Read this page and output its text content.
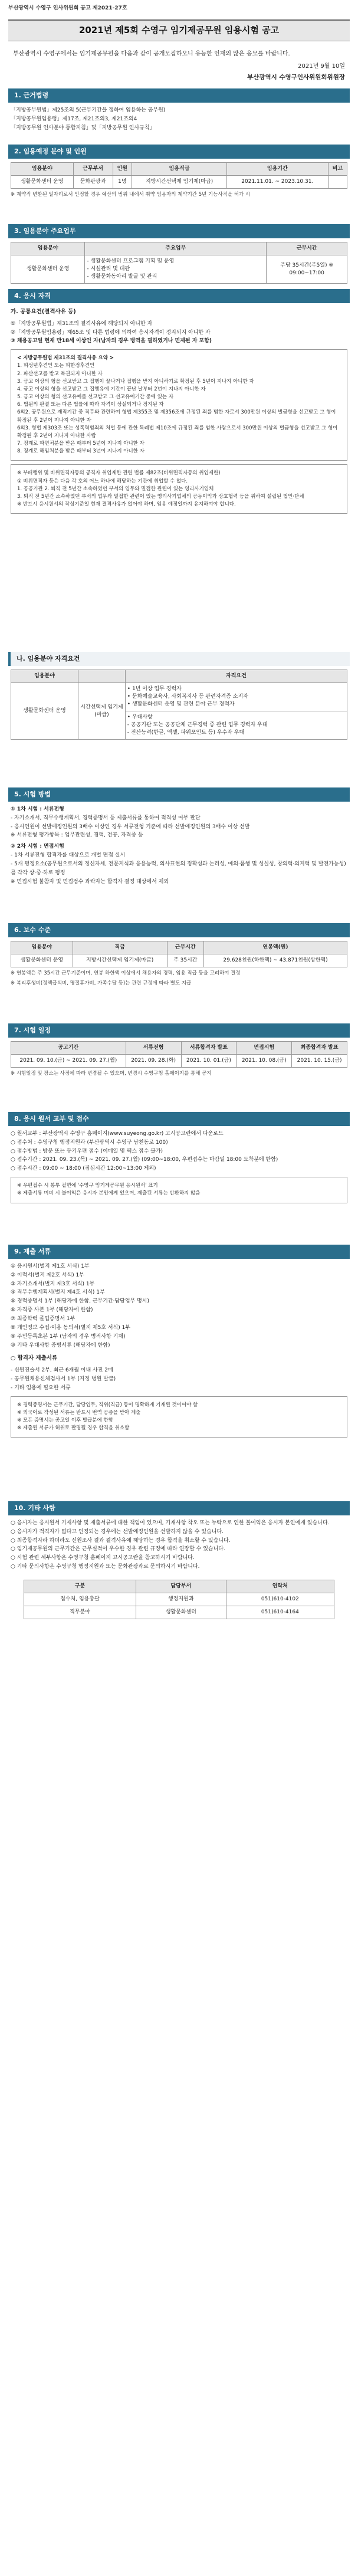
부산광역시 수영구 인사위원회 공고 제2021-27호
2021년 제5회 수영구 임기제공무원 임용시험 공고
부산광역시 수영구에서는 임기제공무원을 다음과 같이 공개모집하오니 유능한 인재의 많은 응모를 바랍니다.
2021년 9월 10일
부산광역시 수영구인사위원회위원장
1. 근거법령
「지방공무원법」제25조의 5(근무기간을 정하여 임용하는 공무원)
「지방공무원임용령」제17조, 제21조의3, 제21조의4
「지방공무원 인사분야 통합지침」및「지방공무원 인사규칙」
2. 임용예정 분야 및 인원
임용분야	근무부서	인원	임용직급	임용기간	비고
생활문화센터 운영	문화관광과	1명	지방시간선택제 임기제(마급)	2021.11.01. ~ 2023.10.31.	
※ 계약직 변환된 일자리로서 인정할 경우 예산의 범위 내에서 취약 임용자의 계약기간 5년 기능사직을 허가 시
3. 임용분야 주요업무
임용분야	주요업무	근무시간
생활문화센터 운영	- 생활문화센터 프로그램 기획 및 운영
- 시설관리 및 대관
- 생활문화동아리 발굴 및 관리	주당 35시간(주5일) ※ 09:00~17:00
4. 응시 자격
가. 공통요건(결격사유 등)
①「지방공무원법」제31조의 결격사유에 해당되지 아니한 자
②「지방공무원임용령」제65조 및 다른 법령에 의하여 응시자격이 정지되지 아니한 자
③ 채용공고일 현재 만18세 이상인 자(남자의 경우 병역을 필하였거나 면제된 자 포함)
< 지방공무원법 제31조의 결격사유 요약 >
1. 피성년후견인 또는 피한정후견인
2. 파산선고를 받고 복권되지 아니한 자
3. 금고 이상의 형을 선고받고 그 집행이 끝나거나 집행을 받지 아니하기로 확정된 후 5년이 지나지 아니한 자
4. 금고 이상의 형을 선고받고 그 집행유예 기간이 끝난 날부터 2년이 지나지 아니한 자
5. 금고 이상의 형의 선고유예를 선고받고 그 선고유예기간 중에 있는 자
6. 법원의 판결 또는 다른 법률에 따라 자격이 상실되거나 정지된 자
6의2. 공무원으로 재직기간 중 직무와 관련하여 형법 제355조 및 제356조에 규정된 죄를 범한 자로서 300만원 이상의 벌금형을 선고받고 그 형이 확정된 후 2년이 지나지 아니한 자
6의3. 형법 제303조 또는 성폭력범죄의 처벌 등에 관한 특례법 제10조에 규정된 죄를 범한 사람으로서 300만원 이상의 벌금형을 선고받고 그 형이 확정된 후 2년이 지나지 아니한 사람
7. 징계로 파면처분을 받은 때부터 5년이 지나지 아니한 자
8. 징계로 해임처분을 받은 때부터 3년이 지나지 아니한 자
※ 부패행위 및 비위면직자등의 공직자 취업제한 관련 법률 제82조(비위면직자등의 취업제한)
① 비위면직자 등은 다음 각 호의 어느 하나에 해당하는 기관에 취업할 수 없다.
1. 공공기관 2. 퇴직 전 5년간 소속하였던 부서의 업무와 밀접한 관련이 있는 영리사기업체
3. 퇴직 전 5년간 소속하였던 부서의 업무와 밀접한 관련이 있는 영리사기업체의 공동이익과 상호협력 등을 위하여 설립된 법인·단체
※ 반드시 응시원서의 작성기준일 현재 결격사유가 없어야 하며, 임용 예정일까지 유지하여야 합니다.
나. 임용분야 자격요건
임용분야		자격요건
생활문화센터 운영	시간선택제 임기제(마급)	• 1년 이상 업무 경력자
• 문화예술교육사, 사회복지사 등 관련자격증 소지자
• 생활문화센터 운영 및 관련 분야 근무 경력자
		• 우대사항
- 공공기관 또는 공공단체 근무경력 중 관련 업무 경력자 우대
- 전산능력(한글, 엑셀, 파워포인트 등) 우수자 우대
5. 시험 방법
① 1차 시험 : 서류전형
- 자기소개서, 직무수행계획서, 경력증명서 등 제출서류를 통하여 적격성 여부 판단
- 응시인원이 선발예정인원의 3배수 이상인 경우 서류전형 기준에 따라 선발예정인원의 3배수 이상 선발
※ 서류전형 평가항목 : 업무관련성, 경력, 전공, 자격증 등
② 2차 시험 : 면접시험
- 1차 서류전형 합격자를 대상으로 개별 면접 실시
- 5개 평정요소(공무원으로서의 정신자세, 전문지식과 응용능력, 의사표현의 정확성과 논리성, 예의·품행 및 성실성, 창의력·의지력 및 발전가능성)를 각각 상·중·하로 평정
※ 면접시험 불참자 및 면접점수 과락자는 합격자 결정 대상에서 제외
6. 보수 수준
임용분야	직급	근무시간	연봉액(원)
생활문화센터 운영	지방시간선택제 임기제(마급)	주 35시간	29,628천원(하한액) ~ 43,871천원(상한액)
※ 연봉액은 주 35시간 근무기준이며, 연봉 하한액 이상에서 채용자의 경력, 임용 직급 등을 고려하여 결정
※ 복리후생비(정액급식비, 명절휴가비, 가족수당 등)는 관련 규정에 따라 별도 지급
7. 시험 일정
공고기간	서류전형	서류합격자 발표	면접시험	최종합격자 발표
2021. 09. 10.(금) ~ 2021. 09. 27.(월)	2021. 09. 28.(화)	2021. 10. 01.(금)	2021. 10. 08.(금)	2021. 10. 15.(금)
※ 시험일정 및 장소는 사정에 따라 변경될 수 있으며, 변경시 수영구청 홈페이지를 통해 공지
8. 응시 원서 교부 및 접수
○ 원서교부 : 부산광역시 수영구 홈페이지(www.suyeong.go.kr) 고시공고란에서 다운로드
○ 접수처 : 수영구청 행정지원과 (부산광역시 수영구 남천동로 100)
○ 접수방법 : 방문 또는 등기우편 접수 (이메일 및 팩스 접수 불가)
○ 접수기간 : 2021. 09. 23.(목) ~ 2021. 09. 27.(월) (09:00~18:00, 우편접수는 마감일 18:00 도착분에 한함)
○ 접수시간 : 09:00 ~ 18:00 (점심시간 12:00~13:00 제외)
※ 우편접수 시 봉투 겉면에 '수영구 임기제공무원 응시원서' 표기
※ 제출서류 미비 시 불이익은 응시자 본인에게 있으며, 제출된 서류는 반환하지 않음
9. 제출 서류
① 응시원서(별지 제1호 서식) 1부
② 이력서(별지 제2호 서식) 1부
③ 자기소개서(별지 제3호 서식) 1부
④ 직무수행계획서(별지 제4호 서식) 1부
⑤ 경력증명서 1부 (해당자에 한함, 근무기간·담당업무 명시)
⑥ 자격증 사본 1부 (해당자에 한함)
⑦ 최종학력 졸업증명서 1부
⑧ 개인정보 수집·이용 동의서(별지 제5호 서식) 1부
⑨ 주민등록초본 1부 (남자의 경우 병적사항 기재)
⑩ 기타 우대사항 증빙서류 (해당자에 한함)
○ 합격자 제출서류
- 신원진술서 2부, 최근 6개월 이내 사진 2매
- 공무원채용신체검사서 1부 (지정 병원 발급)
- 기타 임용에 필요한 서류
※ 경력증명서는 근무기간, 담당업무, 직위(직급) 등이 명확하게 기재된 것이어야 함
※ 외국어로 작성된 서류는 반드시 번역 공증을 받아 제출
※ 모든 증명서는 공고일 이후 발급분에 한함
※ 제출된 서류가 허위로 판명될 경우 합격을 취소함
10. 기타 사항
○ 응시자는 응시원서 기재사항 및 제출서류에 대한 책임이 있으며, 기재사항 착오 또는 누락으로 인한 불이익은 응시자 본인에게 있습니다.
○ 응시자가 적격자가 없다고 인정되는 경우에는 선발예정인원을 선발하지 않을 수 있습니다.
○ 최종합격자라 하더라도 신원조사 결과 결격사유에 해당하는 경우 합격을 취소할 수 있습니다.
○ 임기제공무원의 근무기간은 근무실적이 우수한 경우 관련 규정에 따라 연장할 수 있습니다.
○ 시험 관련 세부사항은 수영구청 홈페이지 고시공고란을 참고하시기 바랍니다.
○ 기타 문의사항은 수영구청 행정지원과 또는 문화관광과로 문의하시기 바랍니다.
구분	담당부서	연락처
접수처, 임용총괄	행정지원과	051)610-4102
직무분야	생활문화센터	051)610-4164
